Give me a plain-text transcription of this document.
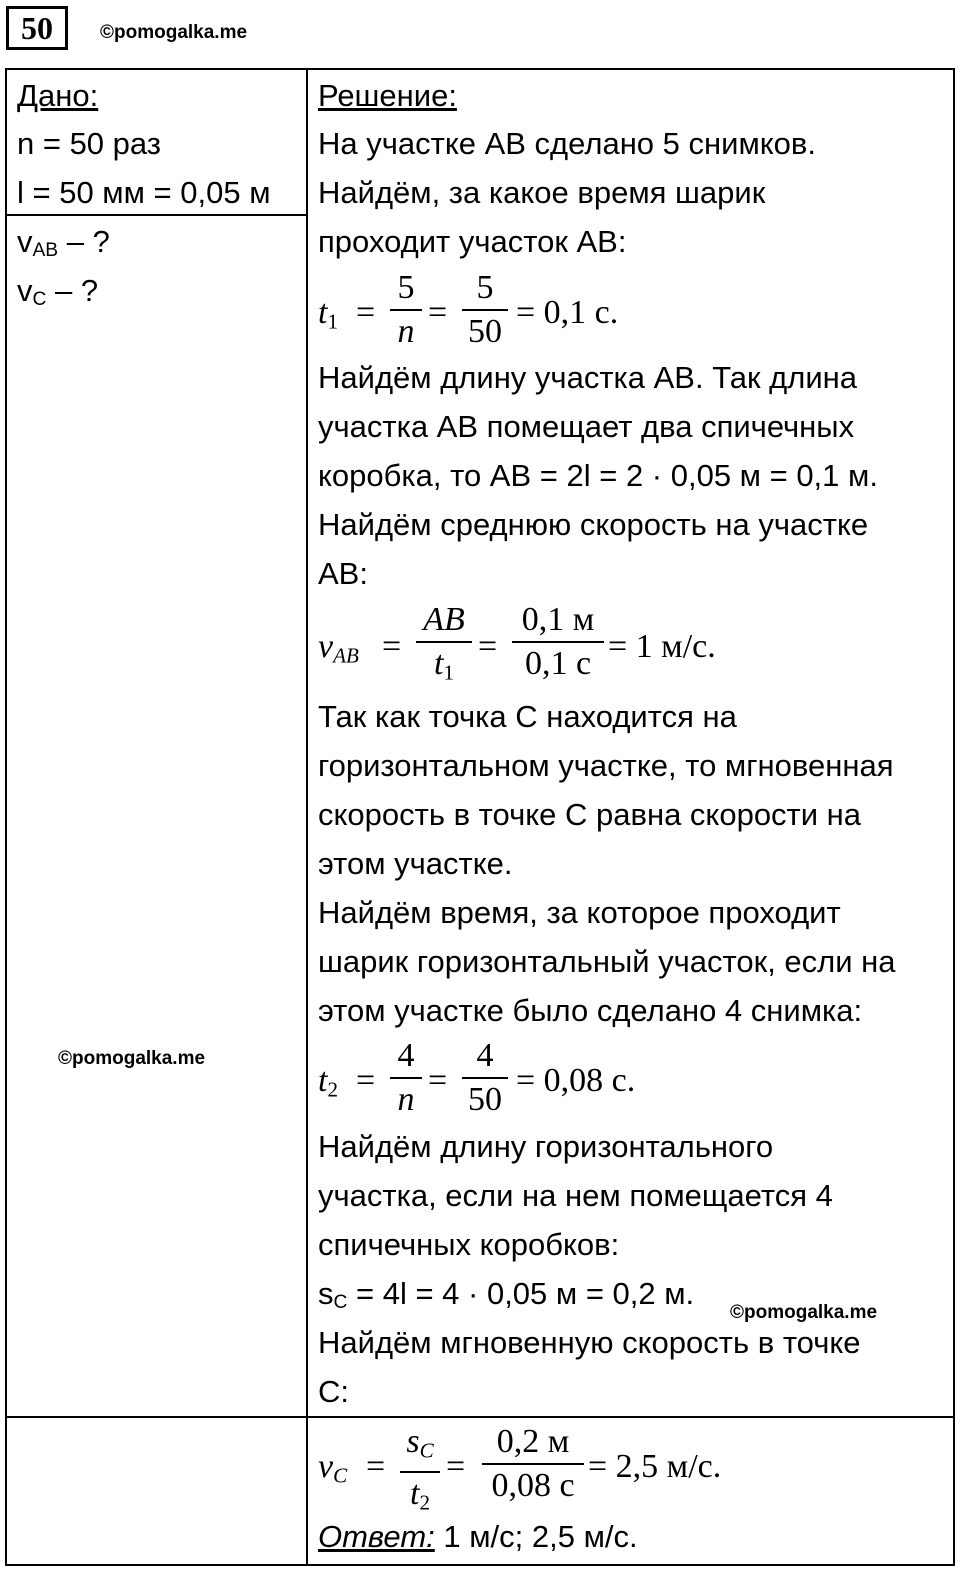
50	©pomogalka.me
Дано:
n = 50 раз
l = 50 мм = 0,05 м
vAB – ?
vC – ?
©pomogalka.me
Решение:
На участке AB сделано 5 снимков.
Найдём, за какое время шарик
проходит участок AB:
$t_1$ =
5
n
=
5
50
= 0,1 с.
Найдём длину участка AB. Так длина
участка AB помещает два спичечных
коробка, то AB = 2l = 2 · 0,05 м = 0,1 м.
Найдём среднюю скорость на участке
AB:
$v_{AB}$ =
AB
$t_1$
=
0,1 м
0,1 с = 1 м/с.
Так как точка C находится на
горизонтальном участке, то мгновенная
скорость в точке C равна скорости на
этом участке.
Найдём время, за которое проходит
шарик горизонтальный участок, если на
этом участке было сделано 4 снимка:
$t_2$ =
4
n
=
4
50
= 0,08 с.
Найдём длину горизонтального
участка, если на нем помещается 4
спичечных коробков:
sC = 4l = 4 · 0,05 м = 0,2 м.
©pomogalka.me
Найдём мгновенную скорость в точке
C:
$v_C$ =
$s_C$
$t_2$
=
0,2 м
0,08 с
= 2,5 м/с.
Ответ: 1 м/с; 2,5 м/с.
